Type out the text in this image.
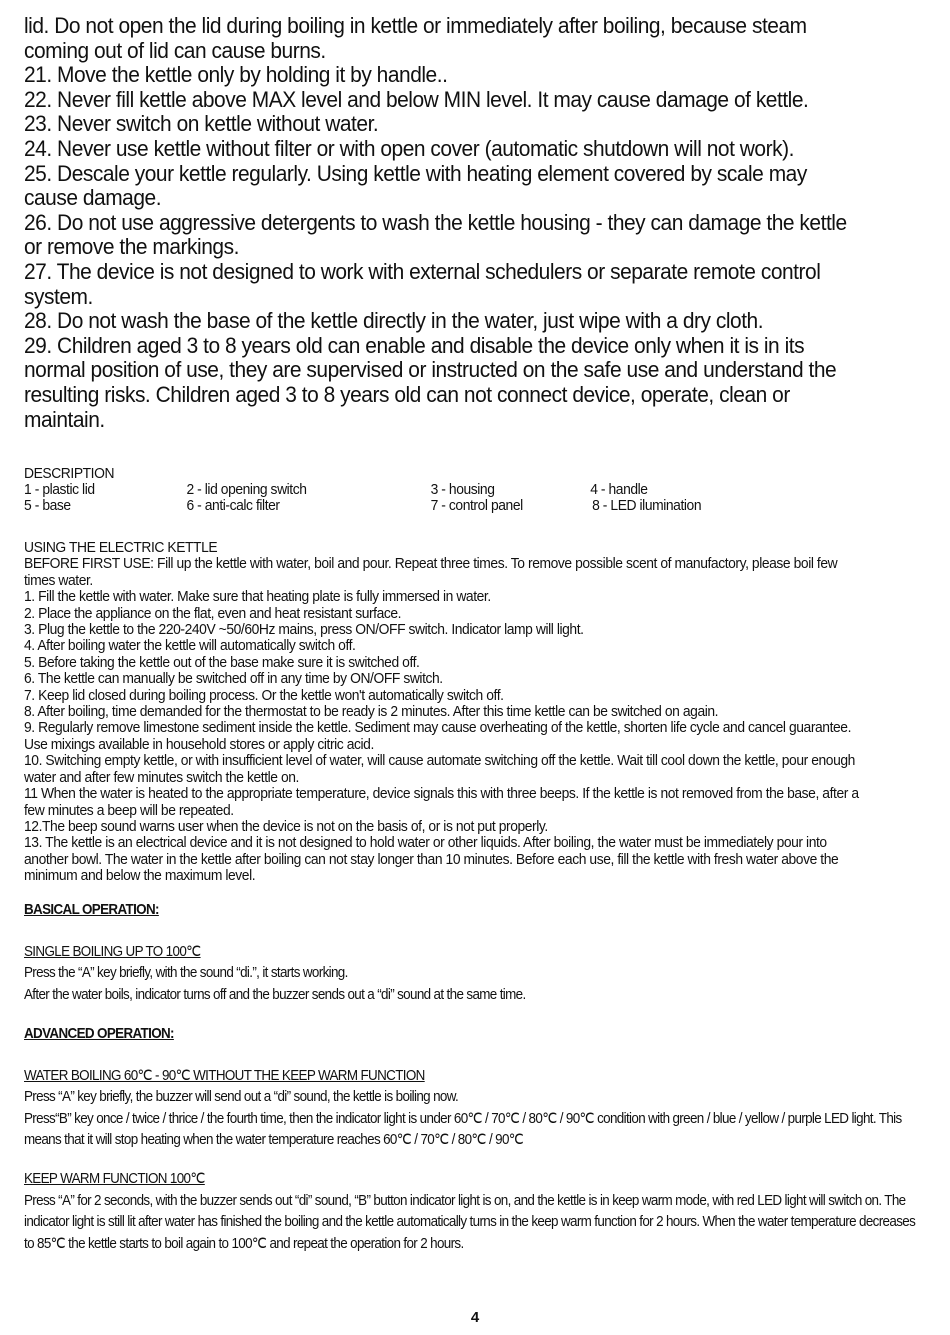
lid. Do not open the lid during boiling in kettle or immediately after boiling, because steam coming out of lid can cause burns.

21. Move the kettle only by holding it by handle..

22. Never fill kettle above MAX level and below MIN level. It may cause damage of kettle.

23. Never switch on kettle without water.

24. Never use kettle without filter or with open cover (automatic shutdown will not work).

25. Descale your kettle regularly. Using kettle with heating element covered by scale may cause damage.

26. Do not use aggressive detergents to wash the kettle housing - they can damage the kettle or remove the markings.

27. The device is not designed to work with external schedulers or separate remote control system.

28. Do not wash the base of the kettle directly in the water, just wipe with a dry cloth.

29. Children aged 3 to 8 years old can enable and disable the device only when it is in its normal position of use, they are supervised or instructed on the safe use and understand the resulting risks. Children aged 3 to 8 years old can not connect device, operate, clean or maintain.

DESCRIPTION

1 - plastic lid	2 - lid opening switch	3 - housing	4 - handle
5 - base	6 - anti-calc filter	7 - control panel	8 - LED ilumination

USING THE ELECTRIC KETTLE

BEFORE FIRST USE: Fill up the kettle with water, boil and pour. Repeat three times. To remove possible scent of manufactory, please boil few times water.

1. Fill the kettle with water. Make sure that heating plate is fully immersed in water.

2. Place the appliance on the flat, even and heat resistant surface.

3. Plug the kettle to the 220-240V ~50/60Hz mains, press ON/OFF switch. Indicator lamp will light.

4. After boiling water the kettle will automatically switch off.

5. Before taking the kettle out of the base make sure it is switched off.

6. The kettle can manually be switched off in any time by ON/OFF switch.

7. Keep lid closed during boiling process. Or the kettle won't automatically switch off.

8. After boiling, time demanded for the thermostat to be ready is 2 minutes. After this time kettle can be switched on again.

9. Regularly remove limestone sediment inside the kettle. Sediment may cause overheating of the kettle, shorten life cycle and cancel guarantee. Use mixings available in household stores or apply citric acid.

10. Switching empty kettle, or with insufficient level of water, will cause automate switching off the kettle. Wait till cool down the kettle, pour enough water and after few minutes switch the kettle on.

11 When the water is heated to the appropriate temperature, device signals this with three beeps. If the kettle is not removed from the base, after a few minutes a beep will be repeated.

12.The beep sound warns user when the device is not on the basis of, or is not put properly.

13. The kettle is an electrical device and it is not designed to hold water or other liquids. After boiling, the water must be immediately pour into another bowl. The water in the kettle after boiling can not stay longer than 10 minutes. Before each use, fill the kettle with fresh water above the minimum and below the maximum level.

BASICAL OPERATION:

SINGLE BOILING UP TO 100℃

Press the “A” key briefly, with the sound “di.”, it starts working.

After the water boils, indicator turns off and the buzzer sends out a “di” sound at the same time.

ADVANCED OPERATION:

WATER BOILING 60℃ - 90℃ WITHOUT THE KEEP WARM FUNCTION

Press “A” key briefly, the buzzer will send out a “di” sound, the kettle is boiling now.

Press“B” key once / twice / thrice / the fourth time, then the indicator light is under 60℃ / 70℃ / 80℃ / 90℃ condition with green / blue / yellow / purple LED light. This means that it will stop heating when the water temperature reaches 60℃ / 70℃ / 80℃ / 90℃

KEEP WARM FUNCTION 100℃

Press “A” for 2 seconds, with the buzzer sends out “di” sound, “B” button indicator light is on, and the kettle is in keep warm mode, with red LED light will switch on. The indicator light is still lit after water has finished the boiling and the kettle automatically turns in the keep warm function for 2 hours. When the water temperature decreases to 85℃ the kettle starts to boil again to 100℃ and repeat the operation for 2 hours.

4
